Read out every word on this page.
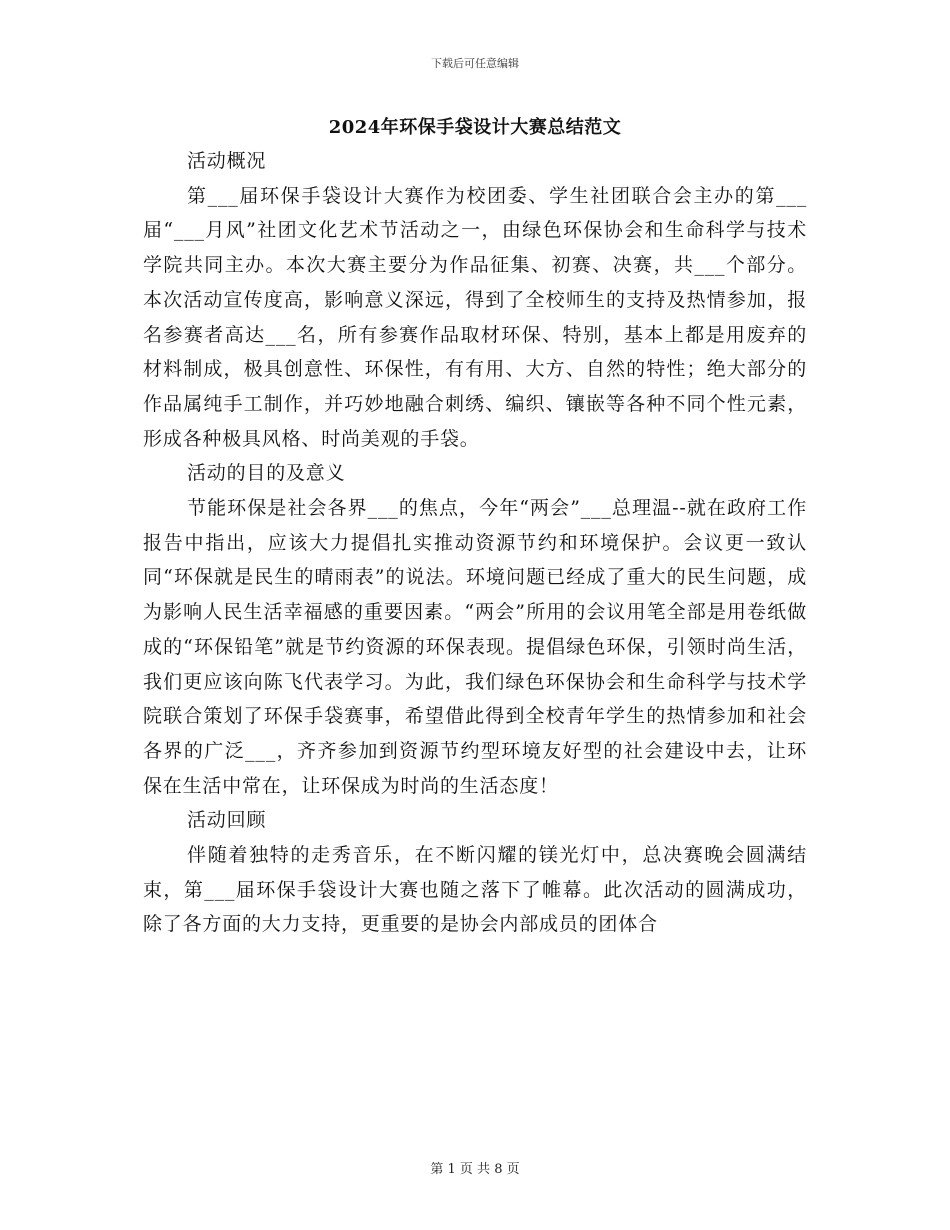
下载后可任意编辑
2024年环保手袋设计大赛总结范文

活动概况

第___届环保手袋设计大赛作为校团委、学生社团联合会主办的第___届“___月风”社团文化艺术节活动之一，由绿色环保协会和生命科学与技术学院共同主办。本次大赛主要分为作品征集、初赛、决赛，共___个部分。本次活动宣传度高，影响意义深远，得到了全校师生的支持及热情参加，报名参赛者高达___名，所有参赛作品取材环保、特别，基本上都是用废弃的材料制成，极具创意性、环保性，有有用、大方、自然的特性；绝大部分的作品属纯手工制作，并巧妙地融合刺绣、编织、镶嵌等各种不同个性元素，形成各种极具风格、时尚美观的手袋。

活动的目的及意义

节能环保是社会各界___的焦点，今年“两会”___总理温--就在政府工作报告中指出，应该大力提倡扎实推动资源节约和环境保护。会议更一致认同“环保就是民生的晴雨表”的说法。环境问题已经成了重大的民生问题，成为影响人民生活幸福感的重要因素。“两会”所用的会议用笔全部是用卷纸做成的“环保铅笔”就是节约资源的环保表现。提倡绿色环保，引领时尚生活，我们更应该向陈飞代表学习。为此，我们绿色环保协会和生命科学与技术学院联合策划了环保手袋赛事，希望借此得到全校青年学生的热情参加和社会各界的广泛___，齐齐参加到资源节约型环境友好型的社会建设中去，让环保在生活中常在，让环保成为时尚的生活态度！

活动回顾

伴随着独特的走秀音乐，在不断闪耀的镁光灯中，总决赛晚会圆满结束，第___届环保手袋设计大赛也随之落下了帷幕。此次活动的圆满成功，除了各方面的大力支持，更重要的是协会内部成员的团体合

第 1 页 共 8 页
